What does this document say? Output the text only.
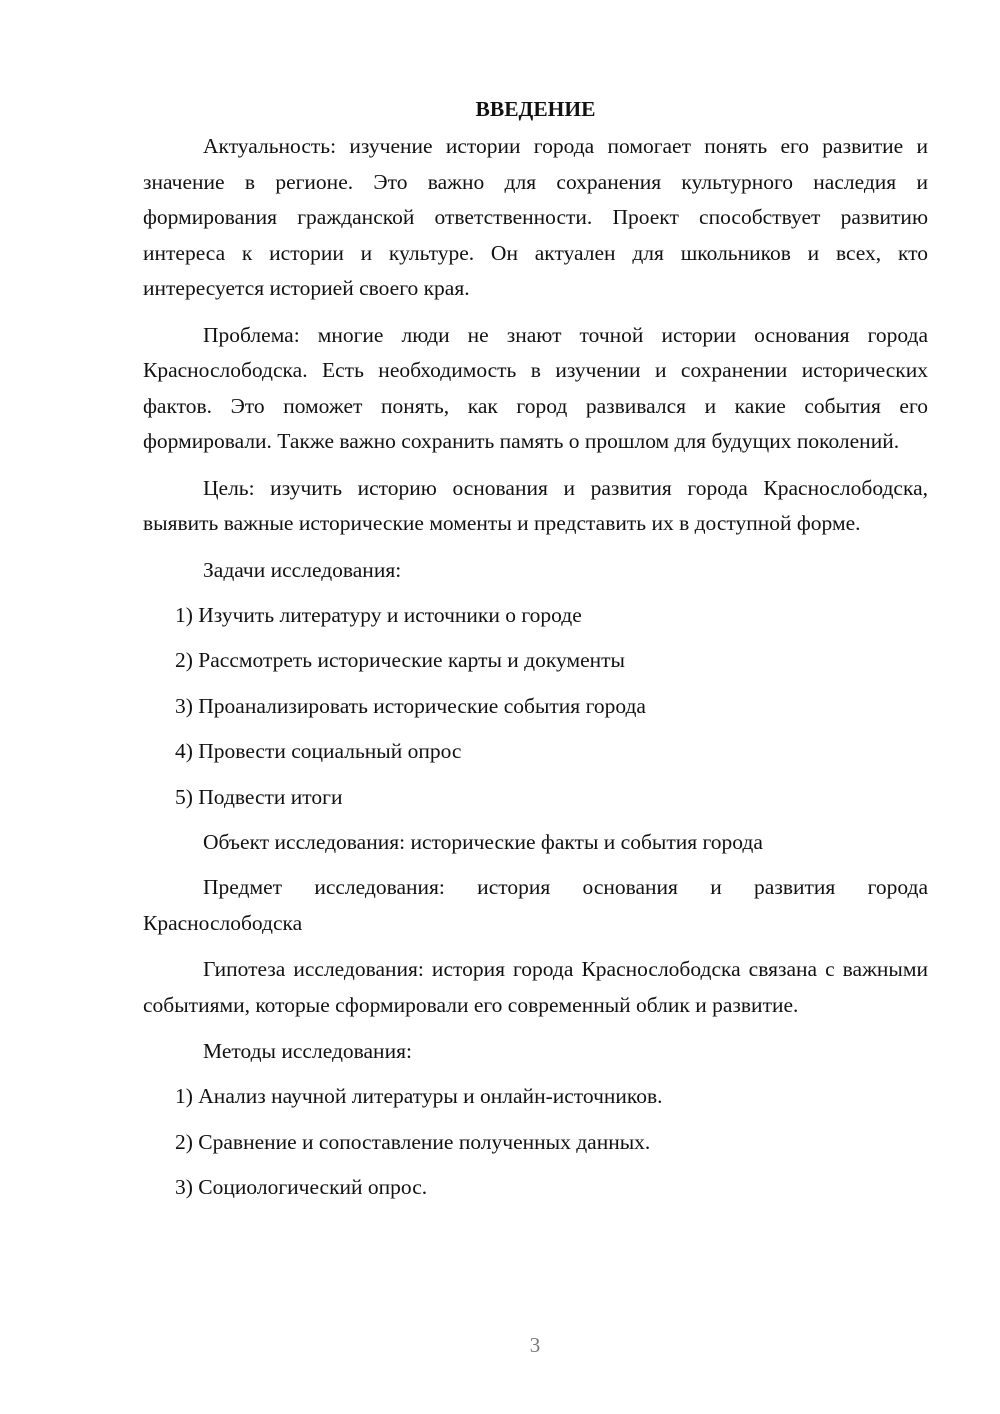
ВВЕДЕНИЕ

Актуальность: изучение истории города помогает понять его развитие и значение в регионе. Это важно для сохранения культурного наследия и формирования гражданской ответственности. Проект способствует развитию интереса к истории и культуре. Он актуален для школьников и всех, кто интересуется историей своего края.

Проблема: многие люди не знают точной истории основания города Краснослободска. Есть необходимость в изучении и сохранении исторических фактов. Это поможет понять, как город развивался и какие события его формировали. Также важно сохранить память о прошлом для будущих поколений.

Цель: изучить историю основания и развития города Краснослободска, выявить важные исторические моменты и представить их в доступной форме.

Задачи исследования:

1) Изучить литературу и источники о городе
2) Рассмотреть исторические карты и документы
3) Проанализировать исторические события города
4) Провести социальный опрос
5) Подвести итоги

Объект исследования: исторические факты и события города

Предмет исследования: история основания и развития города Краснослободска

Гипотеза исследования: история города Краснослободска связана с важными событиями, которые сформировали его современный облик и развитие.

Методы исследования:

1) Анализ научной литературы и онлайн-источников.
2) Сравнение и сопоставление полученных данных.
3) Социологический опрос.
3
